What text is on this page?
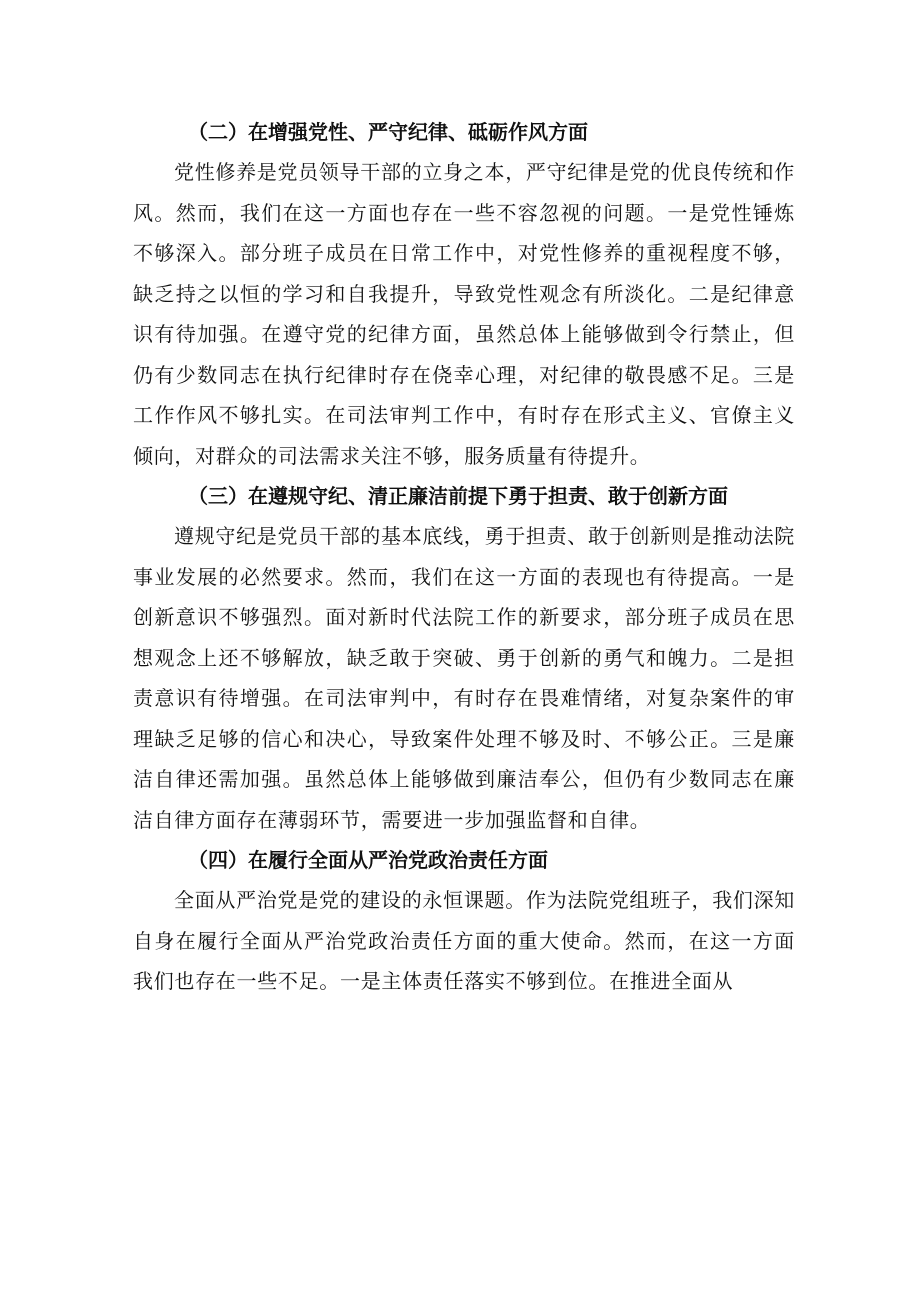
（二）在增强党性、严守纪律、砥砺作风方面

党性修养是党员领导干部的立身之本，严守纪律是党的优良传统和作风。然而，我们在这一方面也存在一些不容忽视的问题。一是党性锤炼不够深入。部分班子成员在日常工作中，对党性修养的重视程度不够，缺乏持之以恒的学习和自我提升，导致党性观念有所淡化。二是纪律意识有待加强。在遵守党的纪律方面，虽然总体上能够做到令行禁止，但仍有少数同志在执行纪律时存在侥幸心理，对纪律的敬畏感不足。三是工作作风不够扎实。在司法审判工作中，有时存在形式主义、官僚主义倾向，对群众的司法需求关注不够，服务质量有待提升。

（三）在遵规守纪、清正廉洁前提下勇于担责、敢于创新方面

遵规守纪是党员干部的基本底线，勇于担责、敢于创新则是推动法院事业发展的必然要求。然而，我们在这一方面的表现也有待提高。一是创新意识不够强烈。面对新时代法院工作的新要求，部分班子成员在思想观念上还不够解放，缺乏敢于突破、勇于创新的勇气和魄力。二是担责意识有待增强。在司法审判中，有时存在畏难情绪，对复杂案件的审理缺乏足够的信心和决心，导致案件处理不够及时、不够公正。三是廉洁自律还需加强。虽然总体上能够做到廉洁奉公，但仍有少数同志在廉洁自律方面存在薄弱环节，需要进一步加强监督和自律。

（四）在履行全面从严治党政治责任方面

全面从严治党是党的建设的永恒课题。作为法院党组班子，我们深知自身在履行全面从严治党政治责任方面的重大使命。然而，在这一方面我们也存在一些不足。一是主体责任落实不够到位。在推进全面从
